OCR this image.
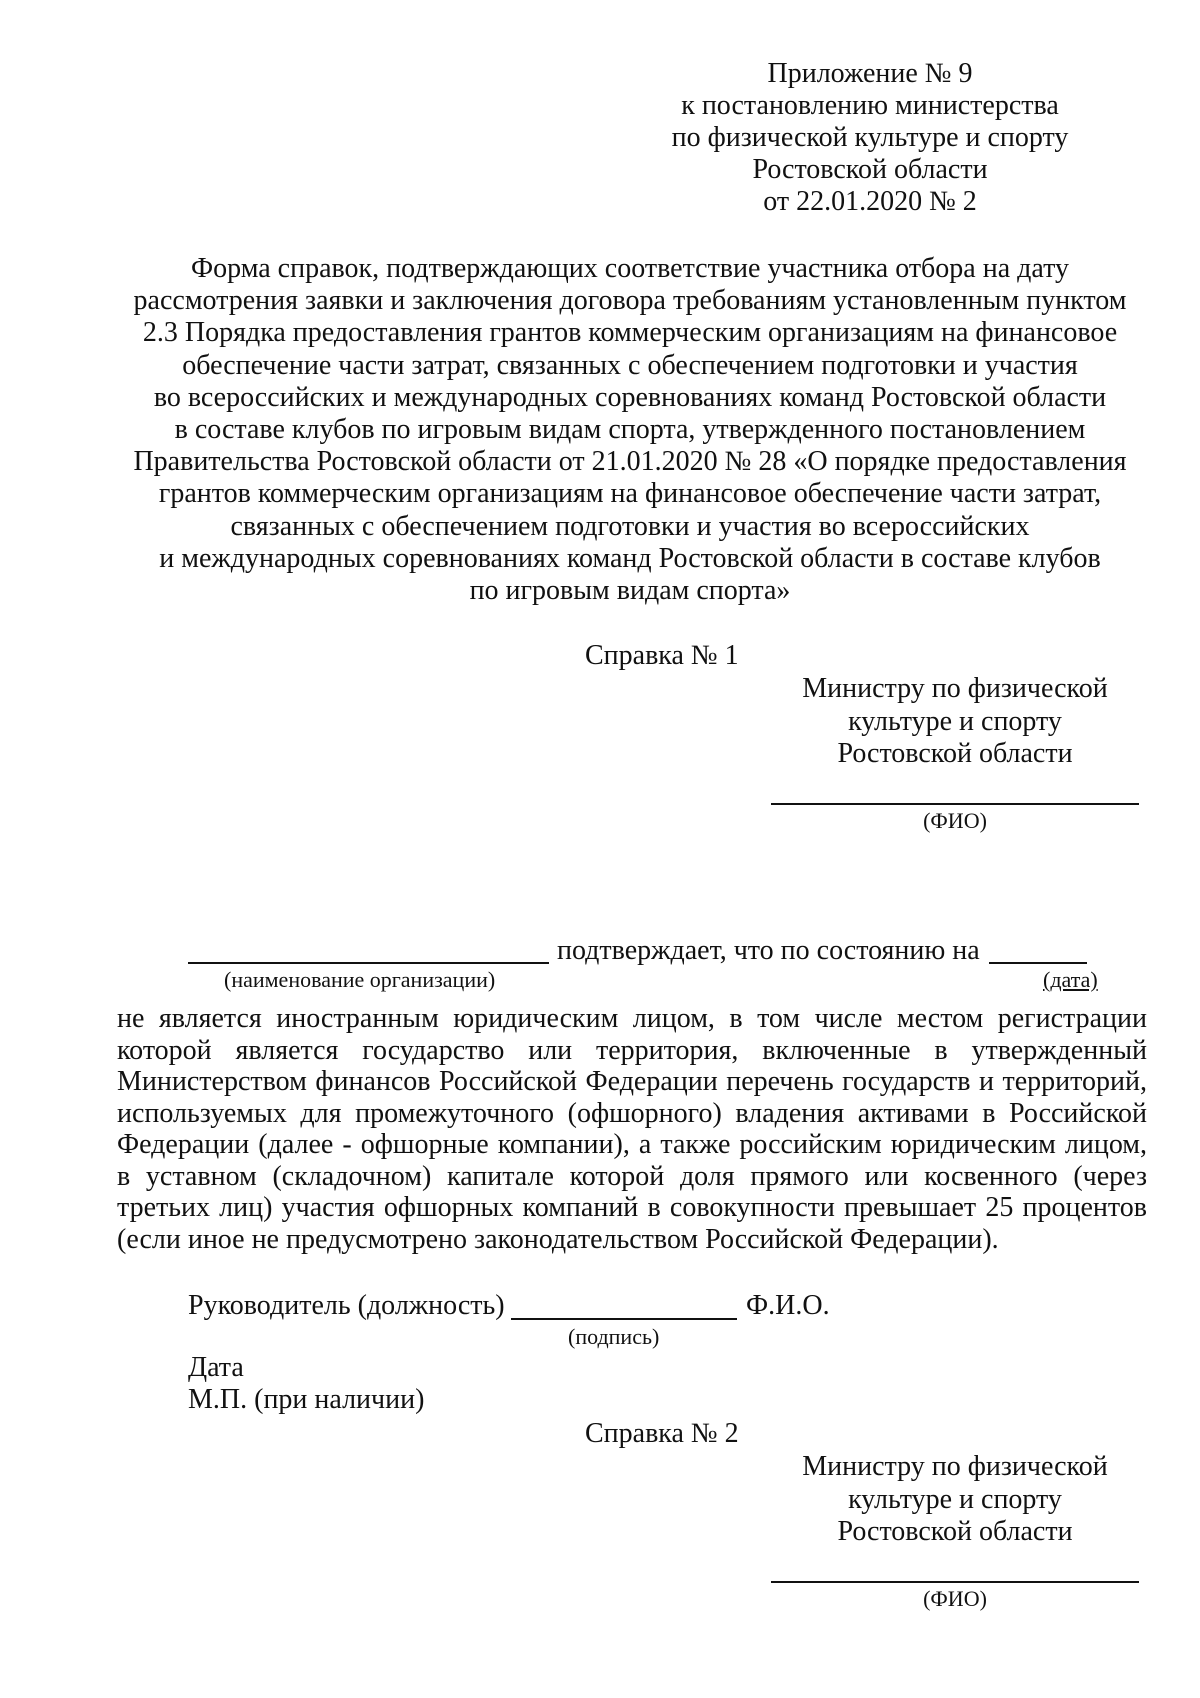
Приложение № 9
к постановлению министерства
по физической культуре и спорту
Ростовской области
от 22.01.2020 № 2
Форма справок, подтверждающих соответствие участника отбора на дату
рассмотрения заявки и заключения договора требованиям установленным пунктом
2.3 Порядка предоставления грантов коммерческим организациям на финансовое
обеспечение части затрат, связанных с обеспечением подготовки и участия
во всероссийских и международных соревнованиях команд Ростовской области
в составе клубов по игровым видам спорта, утвержденного постановлением
Правительства Ростовской области от 21.01.2020 № 28 «О порядке предоставления
грантов коммерческим организациям на финансовое обеспечение части затрат,
связанных с обеспечением подготовки и участия во всероссийских
и международных соревнованиях команд Ростовской области в составе клубов
по игровым видам спорта»
Справка № 1
Министру по физической
культуре и спорту
Ростовской области
(ФИО)
подтверждает, что по состоянию на
(наименование организации)	(дата)
не является иностранным юридическим лицом, в том числе местом регистрации
которой является государство или территория, включенные в утвержденный
Министерством финансов Российской Федерации перечень государств и территорий,
используемых для промежуточного (офшорного) владения активами в Российской
Федерации (далее - офшорные компании), а также российским юридическим лицом,
в уставном (складочном) капитале которой доля прямого или косвенного (через
третьих лиц) участия офшорных компаний в совокупности превышает 25 процентов
(если иное не предусмотрено законодательством Российской Федерации).
Руководитель (должность)	Ф.И.О.
(подпись)
Дата
М.П. (при наличии)
Справка № 2
Министру по физической
культуре и спорту
Ростовской области
(ФИО)
